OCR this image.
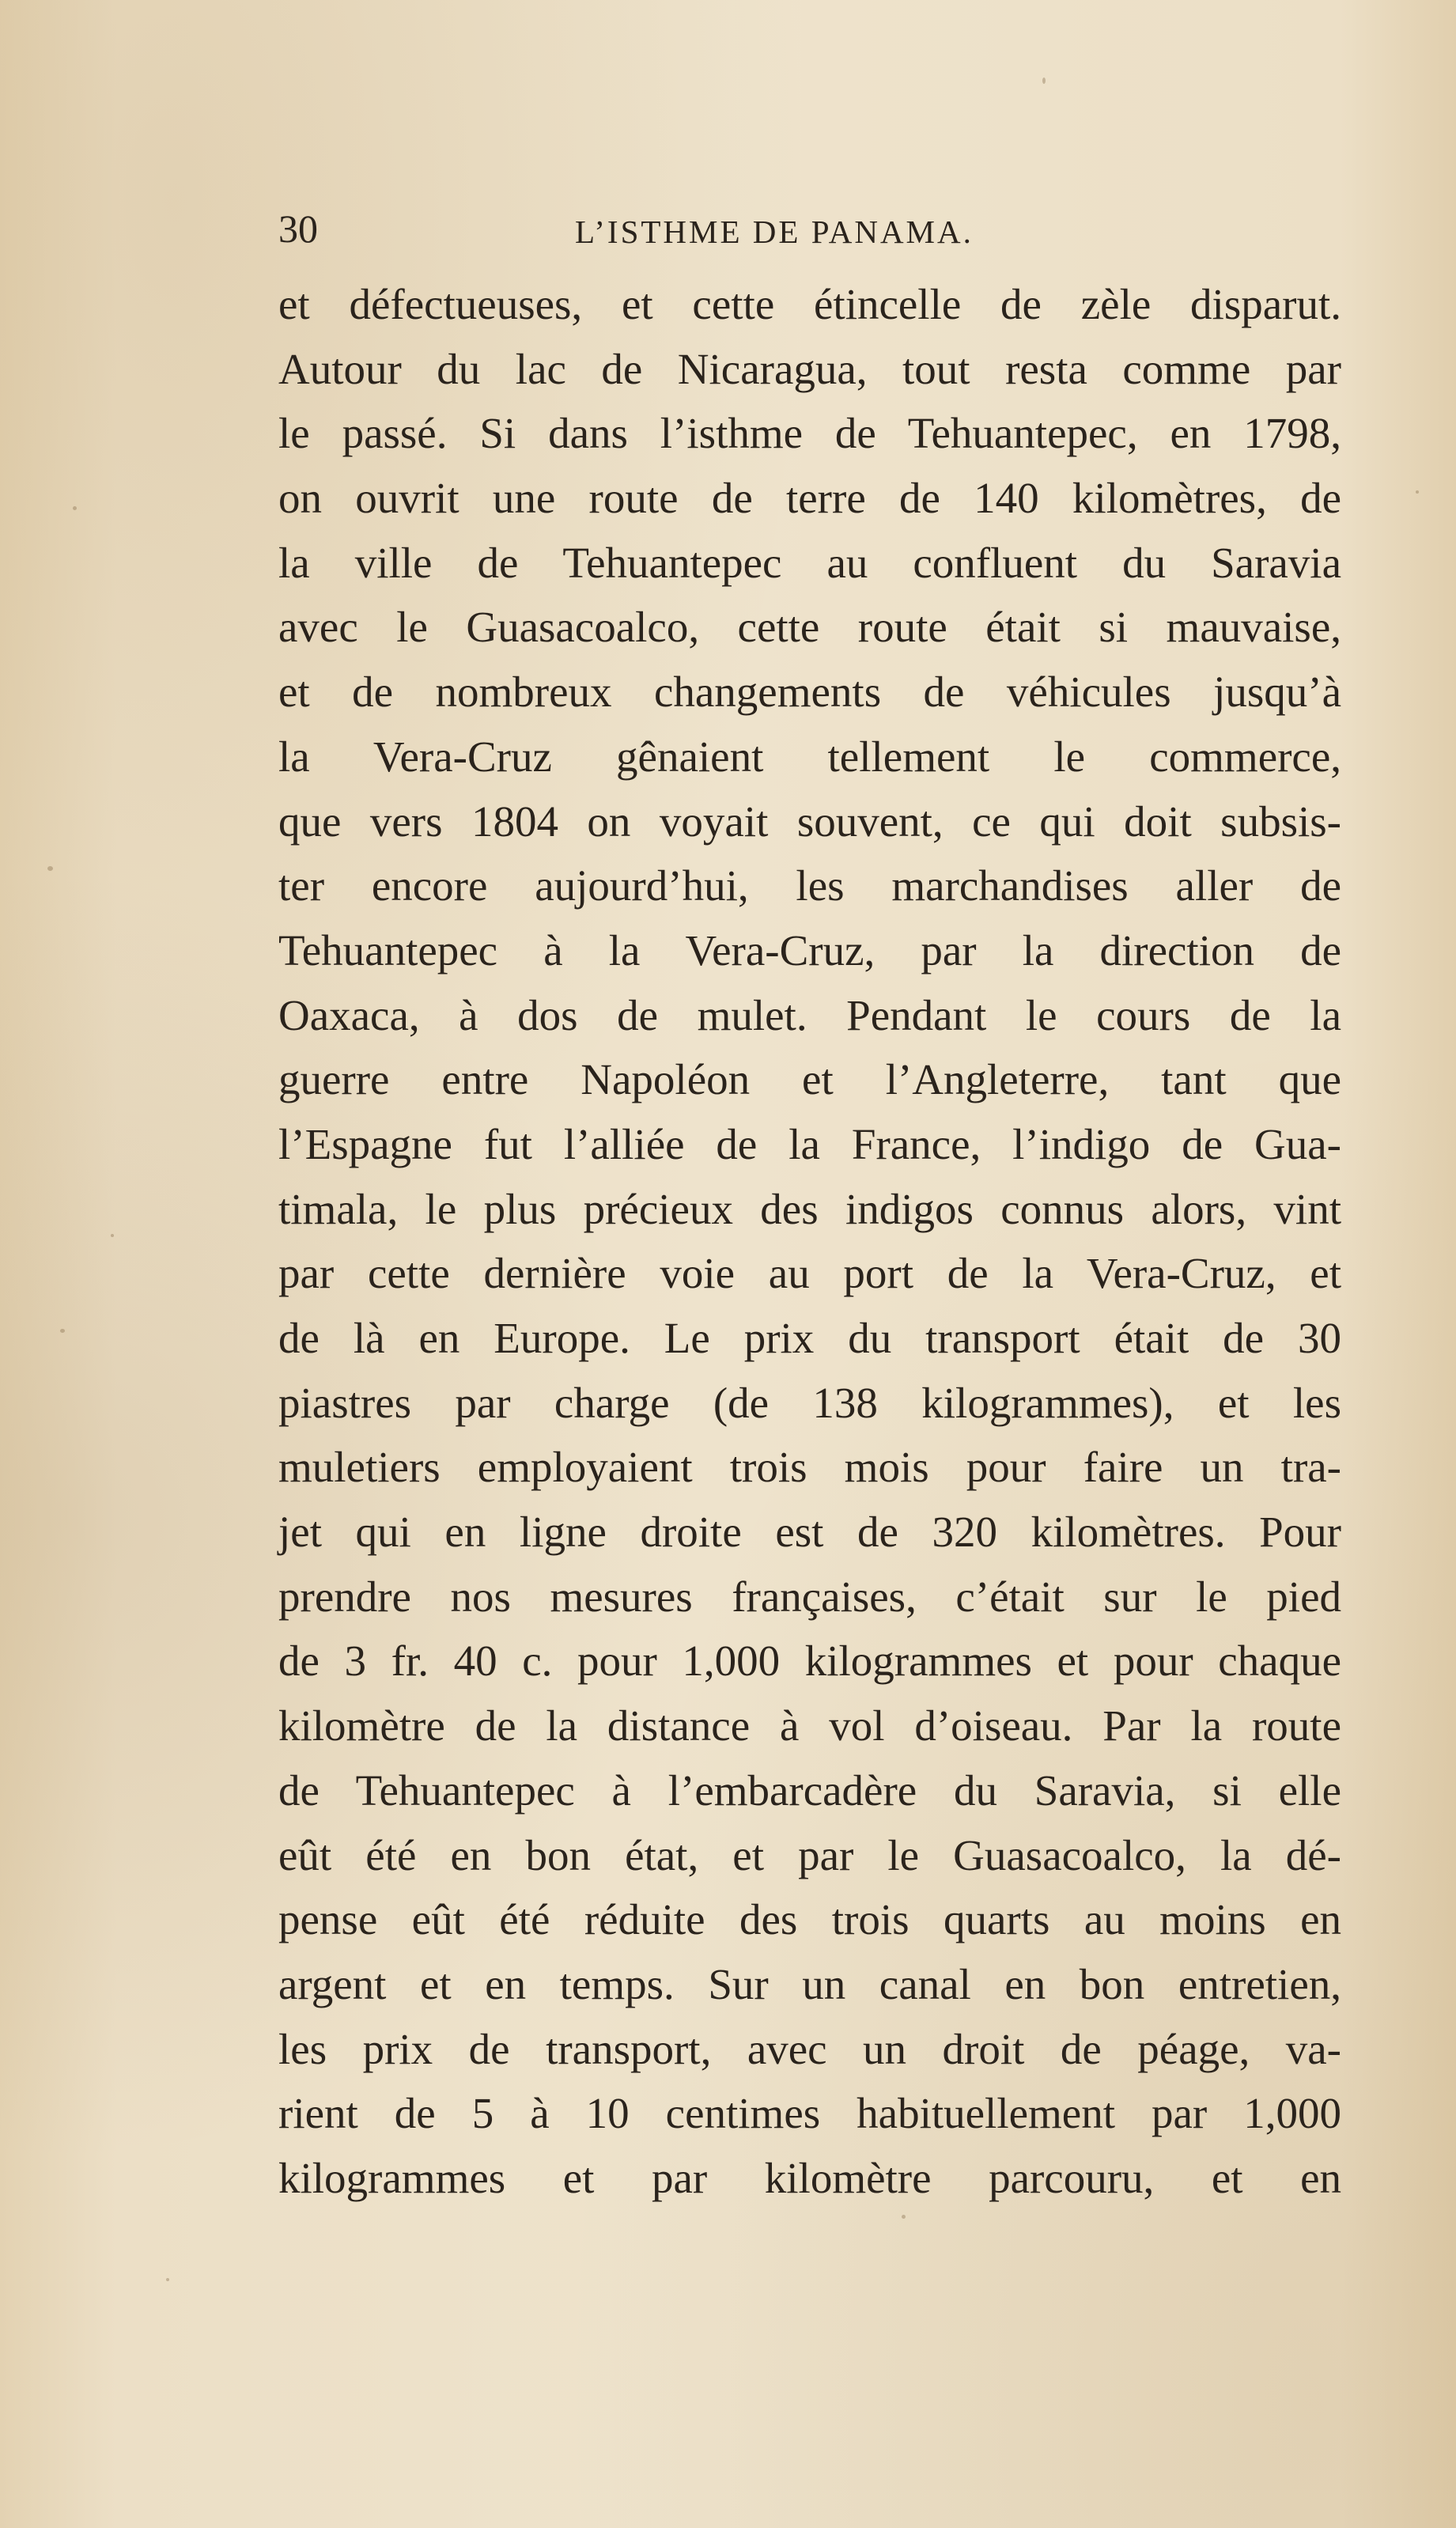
30	L’ISTHME DE PANAMA.
et défectueuses, et cette étincelle de zèle disparut.
Autour du lac de Nicaragua, tout resta comme par
le passé. Si dans l’isthme de Tehuantepec, en 1798,
on ouvrit une route de terre de 140 kilomètres, de
la ville de Tehuantepec au confluent du Saravia
avec le Guasacoalco, cette route était si mauvaise,
et de nombreux changements de véhicules jusqu’à
la Vera-Cruz gênaient tellement le commerce,
que vers 1804 on voyait souvent, ce qui doit subsis-
ter encore aujourd’hui, les marchandises aller de
Tehuantepec à la Vera-Cruz, par la direction de
Oaxaca, à dos de mulet. Pendant le cours de la
guerre entre Napoléon et l’Angleterre, tant que
l’Espagne fut l’alliée de la France, l’indigo de Gua-
timala, le plus précieux des indigos connus alors, vint
par cette dernière voie au port de la Vera-Cruz, et
de là en Europe. Le prix du transport était de 30
piastres par charge (de 138 kilogrammes), et les
muletiers employaient trois mois pour faire un tra-
jet qui en ligne droite est de 320 kilomètres. Pour
prendre nos mesures françaises, c’était sur le pied
de 3 fr. 40 c. pour 1,000 kilogrammes et pour chaque
kilomètre de la distance à vol d’oiseau. Par la route
de Tehuantepec à l’embarcadère du Saravia, si elle
eût été en bon état, et par le Guasacoalco, la dé-
pense eût été réduite des trois quarts au moins en
argent et en temps. Sur un canal en bon entretien,
les prix de transport, avec un droit de péage, va-
rient de 5 à 10 centimes habituellement par 1,000
kilogrammes et par kilomètre parcouru, et en
